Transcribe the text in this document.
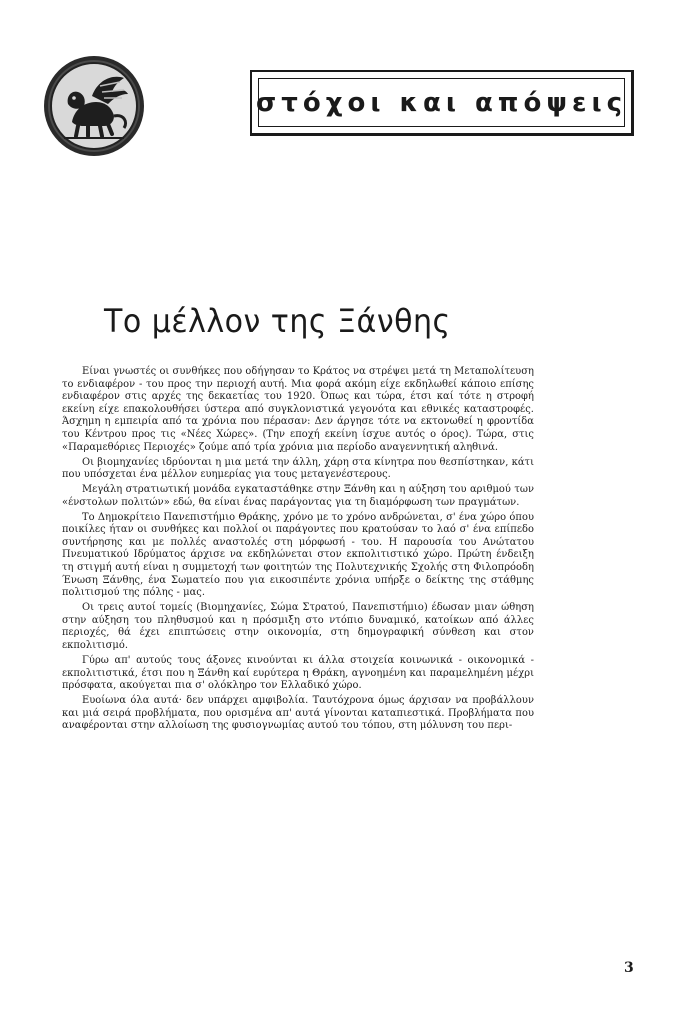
στόχοι και απόψεις
Το μέλλον της Ξάνθης

Είναι γνωστές οι συνθήκες που οδήγησαν το Κράτος να στρέψει μετά τη Μεταπολίτευση το ενδιαφέρον - του προς την περιοχή αυτή. Μια φορά ακόμη είχε εκδηλωθεί κάποιο επίσης ενδιαφέρον στις αρχές της δεκαετίας του 1920. Όπως και τώρα, έτσι καί τότε η στροφή εκείνη είχε επακολουθήσει ύστερα από συγκλονιστικά γεγονότα και εθνικές καταστροφές. Άσχημη η εμπειρία από τα χρόνια που πέρασαν: Δεν άργησε τότε να εκτονωθεί η φροντίδα του Κέντρου προς τις «Νέες Χώρες». (Την εποχή εκείνη ίσχυε αυτός ο όρος). Τώρα, στις «Παραμεθόριες Περιοχές» ζούμε από τρία χρόνια μια περίοδο αναγεννητική αληθινά.

Οι βιομηχανίες ιδρύονται η μια μετά την άλλη, χάρη στα κίνητρα που θεσπίστηκαν, κάτι που υπόσχεται ένα μέλλον ευημερίας για τους μεταγενέστερους.

Μεγάλη στρατιωτική μονάδα εγκαταστάθηκε στην Ξάνθη και η αύξηση του αριθμού των «ένστολων πολιτών» εδώ, θα είναι ένας παράγοντας για τη διαμόρφωση των πραγμάτων.

Το Δημοκρίτειο Πανεπιστήμιο Θράκης, χρόνο με το χρόνο ανδρώνεται, σ' ένα χώρο όπου ποικίλες ήταν οι συνθήκες και πολλοί οι παράγοντες που κρατούσαν το λαό σ' ένα επίπεδο συντήρησης και με πολλές αναστολές στη μόρφωσή - του. Η παρουσία του Ανώτατου Πνευματικού Ιδρύματος άρχισε να εκδηλώνεται στον εκπολιτιστικό χώρο. Πρώτη ένδειξη τη στιγμή αυτή είναι η συμμετοχή των φοιτητών της Πολυτεχνικής Σχολής στη Φιλοπρόοδη Ένωση Ξάνθης, ένα Σωματείο που για εικοσιπέντε χρόνια υπήρξε ο δείκτης της στάθμης πολιτισμού της πόλης - μας.

Οι τρεις αυτοί τομείς (Βιομηχανίες, Σώμα Στρατού, Πανεπιστήμιο) έδωσαν μιαν ώθηση στην αύξηση του πληθυσμού και η πρόσμιξη στο ντόπιο δυναμικό, κατοίκων από άλλες περιοχές, θά έχει επιπτώσεις στην οικονομία, στη δημογραφική σύνθεση και στον εκπολιτισμό.

Γύρω απ' αυτούς τους άξονες κινούνται κι άλλα στοιχεία κοινωνικά - οικονομικά - εκπολιτιστικά, έτσι που η Ξάνθη καί ευρύτερα η Θράκη, αγνοημένη και παραμελημένη μέχρι πρόσφατα, ακούγεται πια σ' ολόκληρο τον Ελλαδικό χώρο.

Ευοίωνα όλα αυτά· δεν υπάρχει αμφιβολία. Ταυτόχρονα όμως άρχισαν να προβάλλουν και μιά σειρά προβλήματα, που ορισμένα απ' αυτά γίνονται καταπιεστικά. Προβλήματα που αναφέρονται στην αλλοίωση της φυσιογνωμίας αυτού του τόπου, στη μόλυνση του περι-

3
